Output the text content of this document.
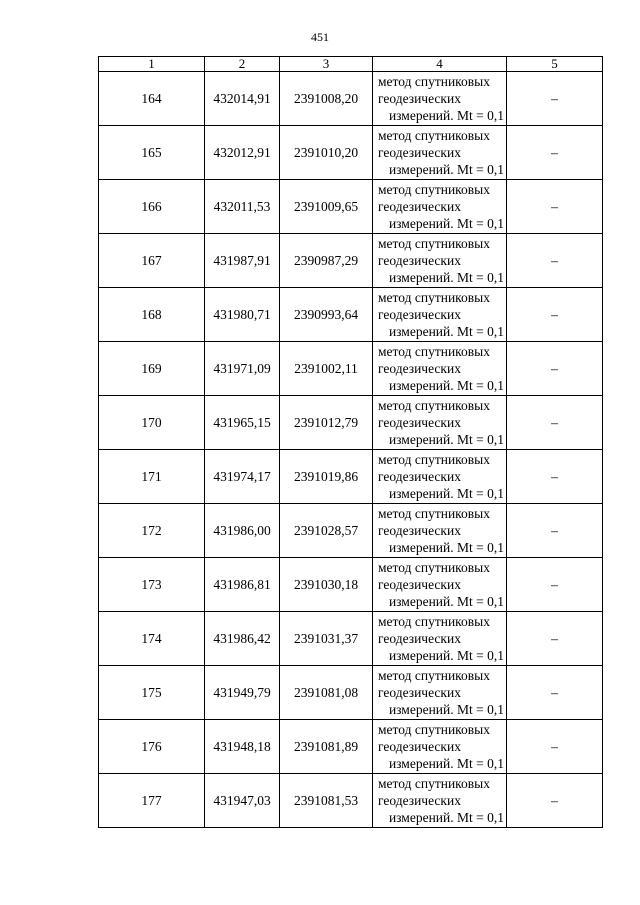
451
1	2	3	4	5
164	432014,91	2391008,20	метод спутниковых
геодезических
измерений. Mt = 0,1	–
165	432012,91	2391010,20	метод спутниковых
геодезических
измерений. Mt = 0,1	–
166	432011,53	2391009,65	метод спутниковых
геодезических
измерений. Mt = 0,1	–
167	431987,91	2390987,29	метод спутниковых
геодезических
измерений. Mt = 0,1	–
168	431980,71	2390993,64	метод спутниковых
геодезических
измерений. Mt = 0,1	–
169	431971,09	2391002,11	метод спутниковых
геодезических
измерений. Mt = 0,1	–
170	431965,15	2391012,79	метод спутниковых
геодезических
измерений. Mt = 0,1	–
171	431974,17	2391019,86	метод спутниковых
геодезических
измерений. Mt = 0,1	–
172	431986,00	2391028,57	метод спутниковых
геодезических
измерений. Mt = 0,1	–
173	431986,81	2391030,18	метод спутниковых
геодезических
измерений. Mt = 0,1	–
174	431986,42	2391031,37	метод спутниковых
геодезических
измерений. Mt = 0,1	–
175	431949,79	2391081,08	метод спутниковых
геодезических
измерений. Mt = 0,1	–
176	431948,18	2391081,89	метод спутниковых
геодезических
измерений. Mt = 0,1	–
177	431947,03	2391081,53	метод спутниковых
геодезических
измерений. Mt = 0,1	–
